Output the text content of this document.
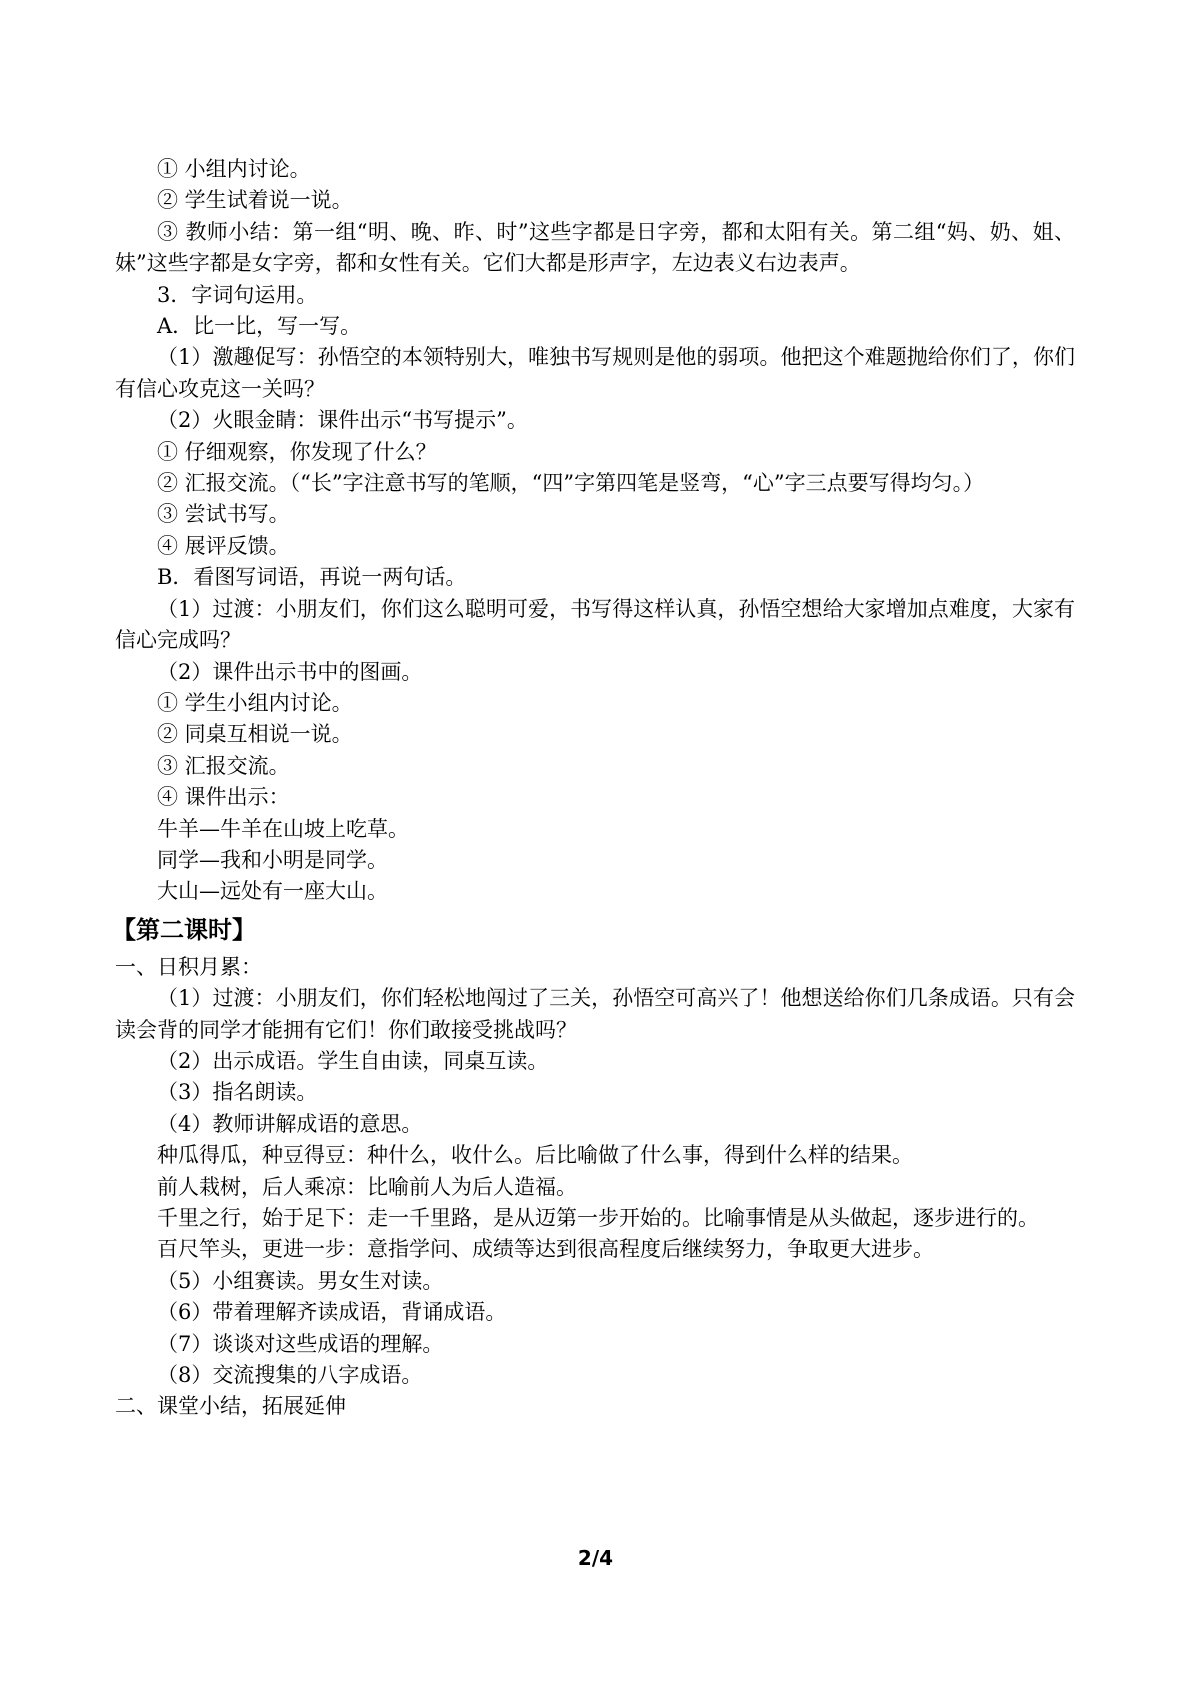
① 小组内讨论。

② 学生试着说一说。

③ 教师小结：第一组“明、晚、昨、时”这些字都是日字旁，都和太阳有关。第二组“妈、奶、姐、妹”这些字都是女字旁，都和女性有关。它们大都是形声字，左边表义右边表声。

3．字词句运用。

A．比一比，写一写。

（1）激趣促写：孙悟空的本领特别大，唯独书写规则是他的弱项。他把这个难题抛给你们了，你们有信心攻克这一关吗？

（2）火眼金睛：课件出示“书写提示”。

① 仔细观察，你发现了什么？

② 汇报交流。（“长”字注意书写的笔顺，“四”字第四笔是竖弯，“心”字三点要写得均匀。）

③ 尝试书写。

④ 展评反馈。

B．看图写词语，再说一两句话。

（1）过渡：小朋友们，你们这么聪明可爱，书写得这样认真，孙悟空想给大家增加点难度，大家有信心完成吗？

（2）课件出示书中的图画。

① 学生小组内讨论。

② 同桌互相说一说。

③ 汇报交流。

④ 课件出示：

牛羊—牛羊在山坡上吃草。

同学—我和小明是同学。

大山—远处有一座大山。

【第二课时】

一、日积月累：

（1）过渡：小朋友们，你们轻松地闯过了三关，孙悟空可高兴了！他想送给你们几条成语。只有会读会背的同学才能拥有它们！你们敢接受挑战吗？

（2）出示成语。学生自由读，同桌互读。

（3）指名朗读。

（4）教师讲解成语的意思。

种瓜得瓜，种豆得豆：种什么，收什么。后比喻做了什么事，得到什么样的结果。

前人栽树，后人乘凉：比喻前人为后人造福。

千里之行，始于足下：走一千里路，是从迈第一步开始的。比喻事情是从头做起，逐步进行的。

百尺竿头，更进一步：意指学问、成绩等达到很高程度后继续努力，争取更大进步。

（5）小组赛读。男女生对读。

（6）带着理解齐读成语，背诵成语。

（7）谈谈对这些成语的理解。

（8）交流搜集的八字成语。

二、课堂小结，拓展延伸

2/4
